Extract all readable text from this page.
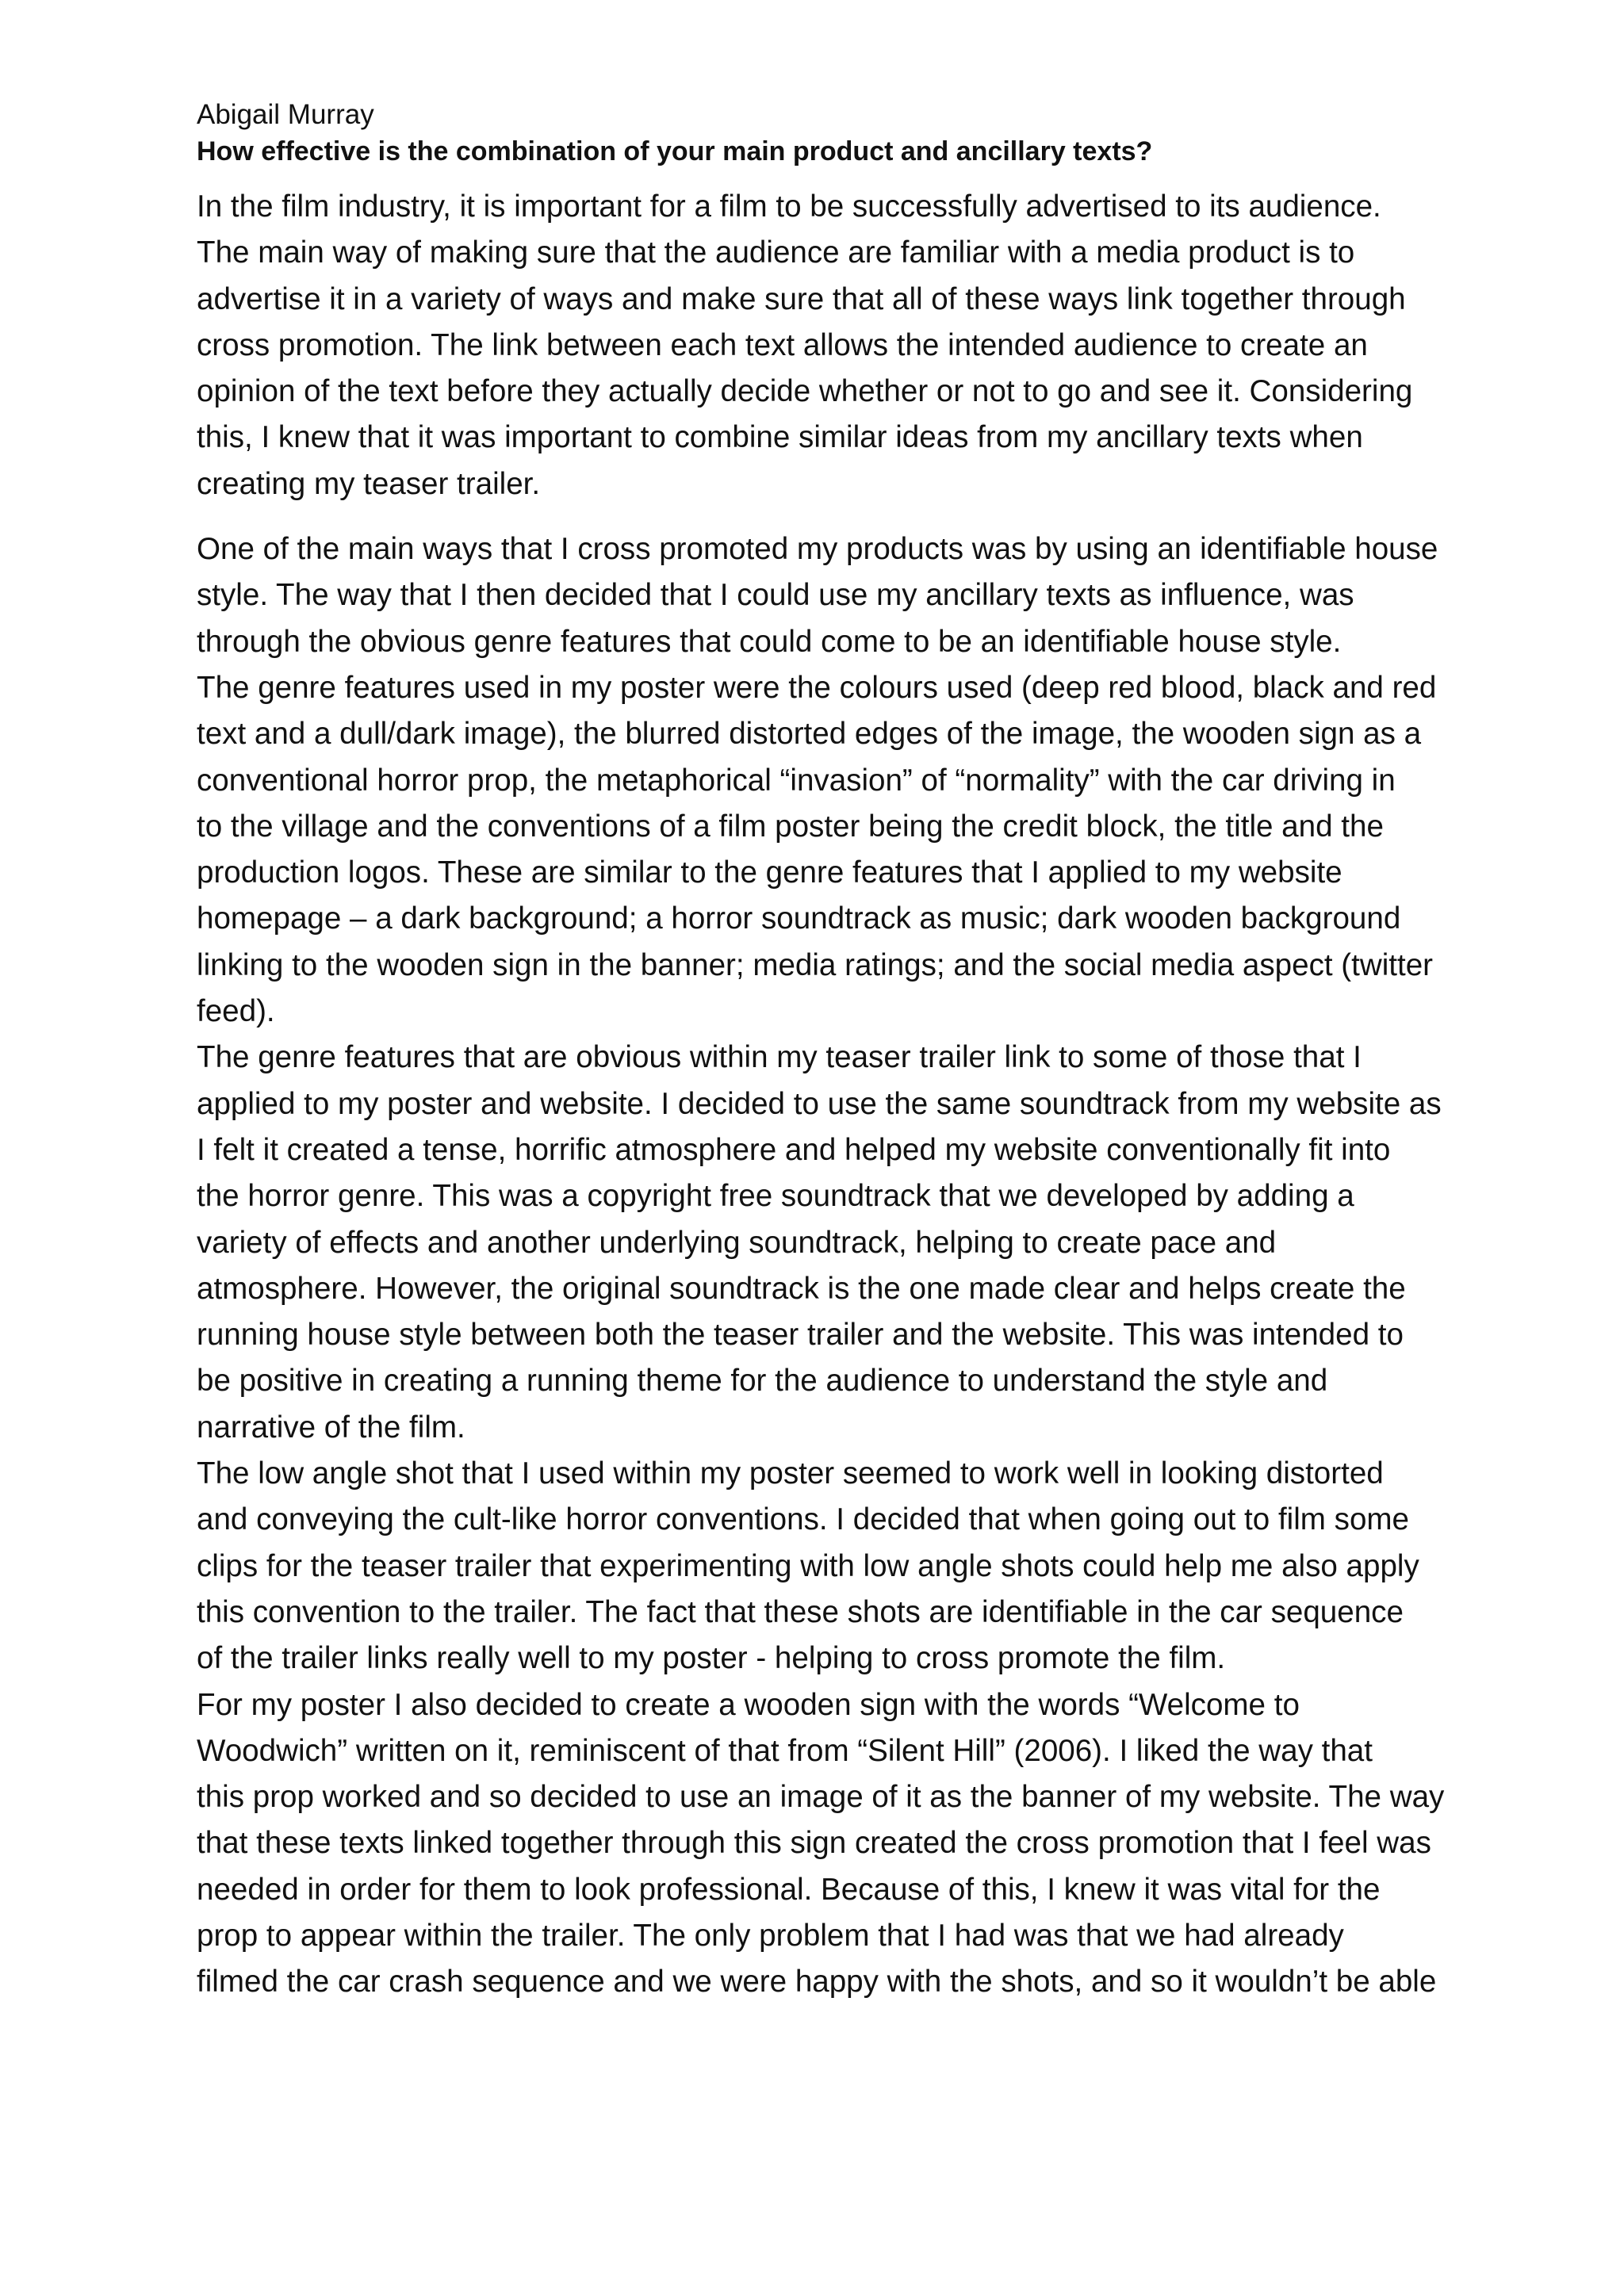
Abigail Murray

How effective is the combination of your main product and ancillary texts?

In the film industry, it is important for a film to be successfully advertised to its audience.
The main way of making sure that the audience are familiar with a media product is to
advertise it in a variety of ways and make sure that all of these ways link together through
cross promotion. The link between each text allows the intended audience to create an
opinion of the text before they actually decide whether or not to go and see it. Considering
this, I knew that it was important to combine similar ideas from my ancillary texts when
creating my teaser trailer.

One of the main ways that I cross promoted my products was by using an identifiable house
style. The way that I then decided that I could use my ancillary texts as influence, was
through the obvious genre features that could come to be an identifiable house style.

The genre features used in my poster were the colours used (deep red blood, black and red
text and a dull/dark image), the blurred distorted edges of the image, the wooden sign as a
conventional horror prop, the metaphorical “invasion” of “normality” with the car driving in
to the village and the conventions of a film poster being the credit block, the title and the
production logos. These are similar to the genre features that I applied to my website
homepage – a dark background; a horror soundtrack as music; dark wooden background
linking to the wooden sign in the banner; media ratings; and the social media aspect (twitter
feed).

The genre features that are obvious within my teaser trailer link to some of those that I
applied to my poster and website. I decided to use the same soundtrack from my website as
I felt it created a tense, horrific atmosphere and helped my website conventionally fit into
the horror genre. This was a copyright free soundtrack that we developed by adding a
variety of effects and another underlying soundtrack, helping to create pace and
atmosphere. However, the original soundtrack is the one made clear and helps create the
running house style between both the teaser trailer and the website. This was intended to
be positive in creating a running theme for the audience to understand the style and
narrative of the film.

The low angle shot that I used within my poster seemed to work well in looking distorted
and conveying the cult-like horror conventions. I decided that when going out to film some
clips for the teaser trailer that experimenting with low angle shots could help me also apply
this convention to the trailer. The fact that these shots are identifiable in the car sequence
of the trailer links really well to my poster - helping to cross promote the film.

For my poster I also decided to create a wooden sign with the words “Welcome to
Woodwich” written on it, reminiscent of that from “Silent Hill” (2006). I liked the way that
this prop worked and so decided to use an image of it as the banner of my website. The way
that these texts linked together through this sign created the cross promotion that I feel was
needed in order for them to look professional. Because of this, I knew it was vital for the
prop to appear within the trailer. The only problem that I had was that we had already
filmed the car crash sequence and we were happy with the shots, and so it wouldn’t be able
